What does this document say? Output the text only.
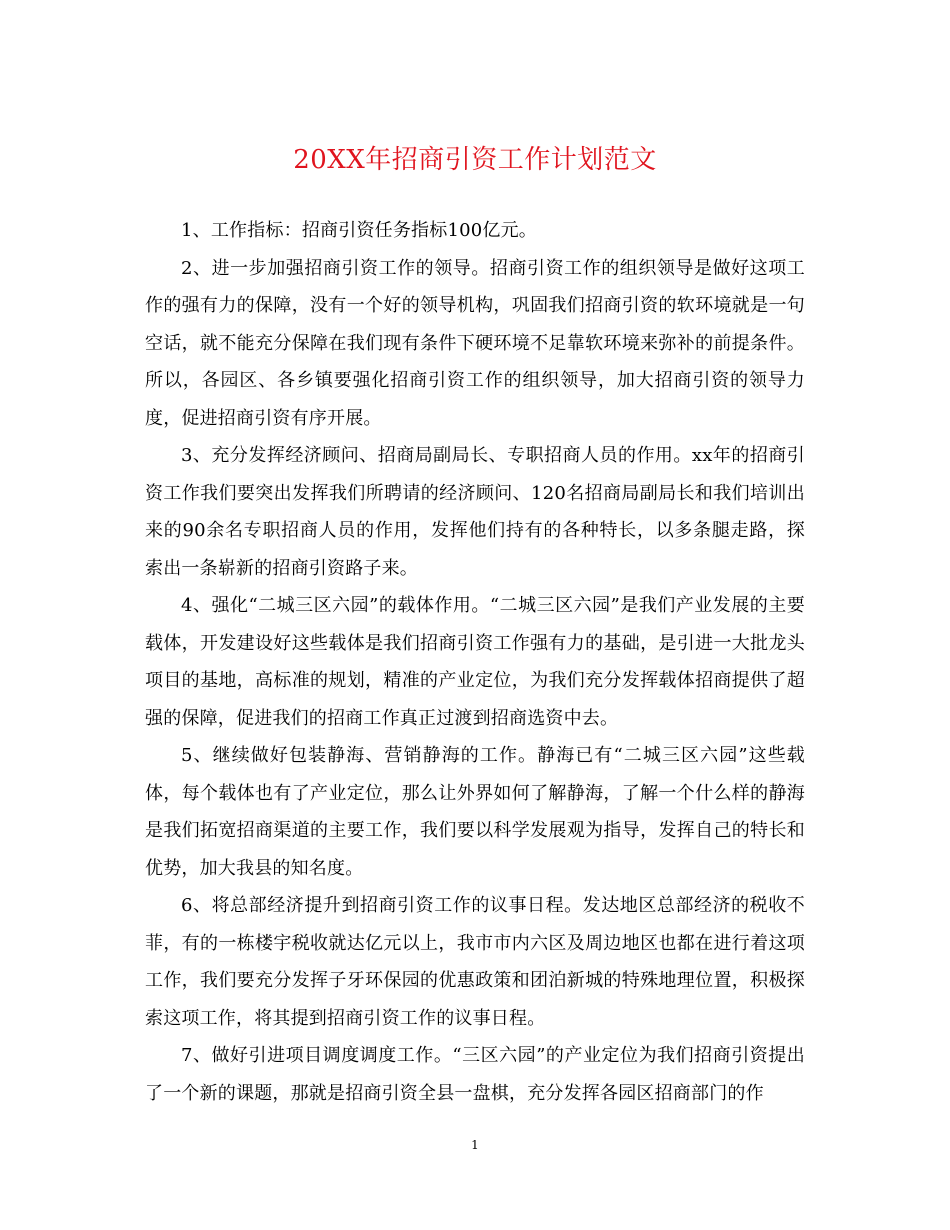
20XX年招商引资工作计划范文

1、工作指标：招商引资任务指标100亿元。

2、进一步加强招商引资工作的领导。招商引资工作的组织领导是做好这项工作的强有力的保障，没有一个好的领导机构，巩固我们招商引资的软环境就是一句空话，就不能充分保障在我们现有条件下硬环境不足靠软环境来弥补的前提条件。所以，各园区、各乡镇要强化招商引资工作的组织领导，加大招商引资的领导力度，促进招商引资有序开展。

3、充分发挥经济顾问、招商局副局长、专职招商人员的作用。xx年的招商引资工作我们要突出发挥我们所聘请的经济顾问、120名招商局副局长和我们培训出来的90余名专职招商人员的作用，发挥他们持有的各种特长，以多条腿走路，探索出一条崭新的招商引资路子来。

4、强化“二城三区六园”的载体作用。“二城三区六园”是我们产业发展的主要载体，开发建设好这些载体是我们招商引资工作强有力的基础，是引进一大批龙头项目的基地，高标准的规划，精准的产业定位，为我们充分发挥载体招商提供了超强的保障，促进我们的招商工作真正过渡到招商选资中去。

5、继续做好包装静海、营销静海的工作。静海已有“二城三区六园”这些载体，每个载体也有了产业定位，那么让外界如何了解静海，了解一个什么样的静海是我们拓宽招商渠道的主要工作，我们要以科学发展观为指导，发挥自己的特长和优势，加大我县的知名度。

6、将总部经济提升到招商引资工作的议事日程。发达地区总部经济的税收不菲，有的一栋楼宇税收就达亿元以上，我市市内六区及周边地区也都在进行着这项工作，我们要充分发挥子牙环保园的优惠政策和团泊新城的特殊地理位置，积极探索这项工作，将其提到招商引资工作的议事日程。

7、做好引进项目调度调度工作。“三区六园”的产业定位为我们招商引资提出了一个新的课题，那就是招商引资全县一盘棋，充分发挥各园区招商部门的作

1
